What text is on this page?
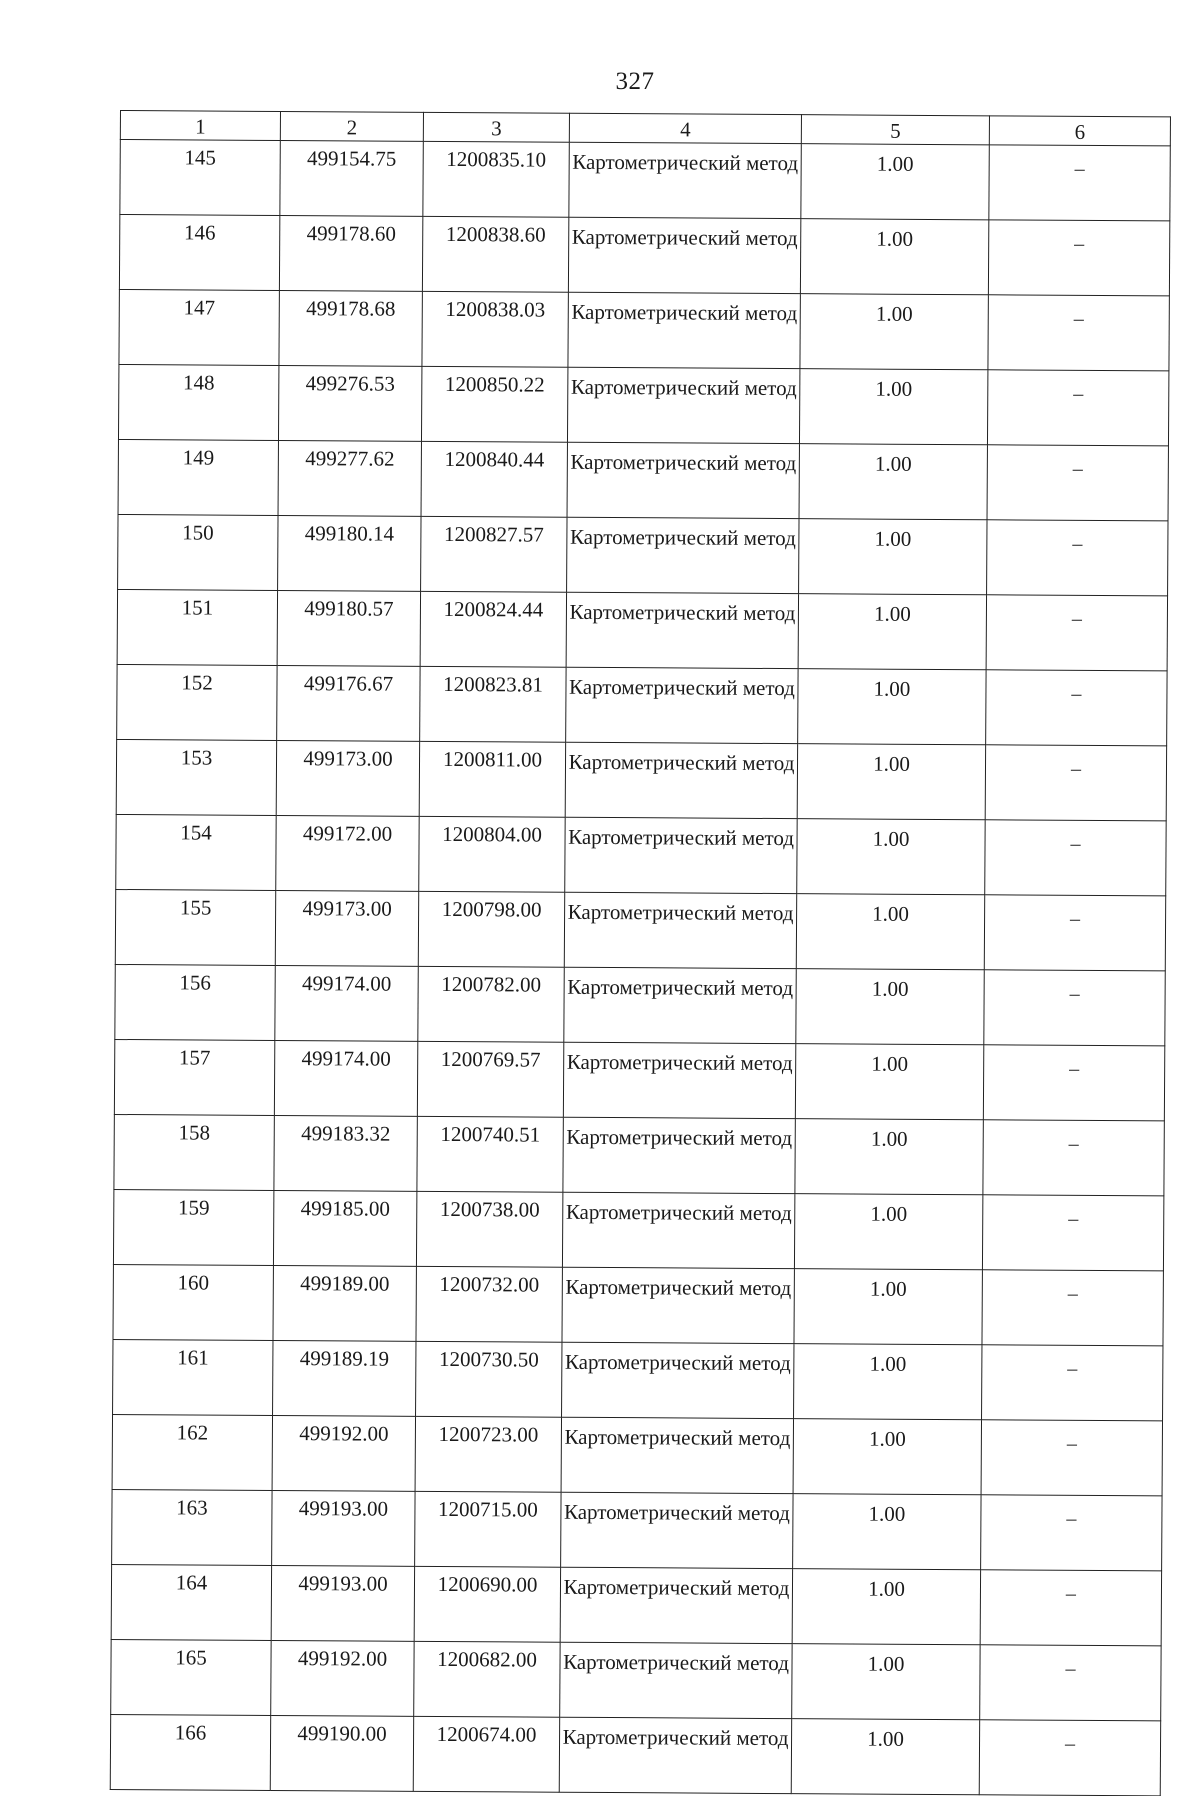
327
1	2	3	4	5	6
145	499154.75	1200835.10	Картометрический метод	1.00	–
146	499178.60	1200838.60	Картометрический метод	1.00	–
147	499178.68	1200838.03	Картометрический метод	1.00	–
148	499276.53	1200850.22	Картометрический метод	1.00	–
149	499277.62	1200840.44	Картометрический метод	1.00	–
150	499180.14	1200827.57	Картометрический метод	1.00	–
151	499180.57	1200824.44	Картометрический метод	1.00	–
152	499176.67	1200823.81	Картометрический метод	1.00	–
153	499173.00	1200811.00	Картометрический метод	1.00	–
154	499172.00	1200804.00	Картометрический метод	1.00	–
155	499173.00	1200798.00	Картометрический метод	1.00	–
156	499174.00	1200782.00	Картометрический метод	1.00	–
157	499174.00	1200769.57	Картометрический метод	1.00	–
158	499183.32	1200740.51	Картометрический метод	1.00	–
159	499185.00	1200738.00	Картометрический метод	1.00	–
160	499189.00	1200732.00	Картометрический метод	1.00	–
161	499189.19	1200730.50	Картометрический метод	1.00	–
162	499192.00	1200723.00	Картометрический метод	1.00	–
163	499193.00	1200715.00	Картометрический метод	1.00	–
164	499193.00	1200690.00	Картометрический метод	1.00	–
165	499192.00	1200682.00	Картометрический метод	1.00	–
166	499190.00	1200674.00	Картометрический метод	1.00	–
